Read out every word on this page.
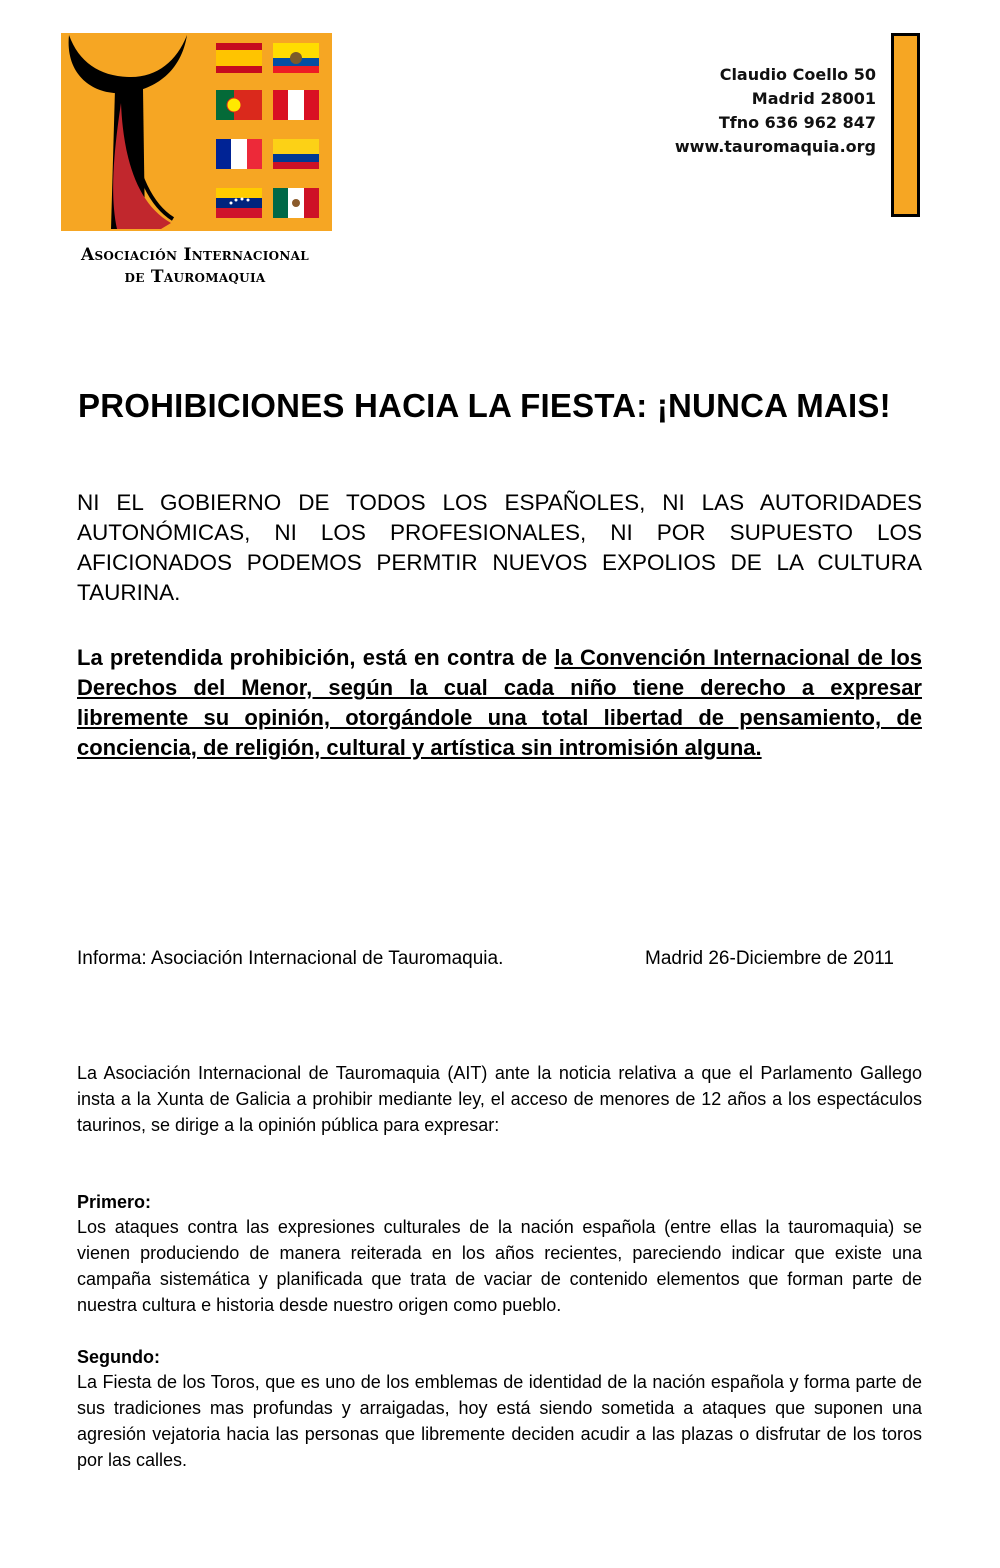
Asociación Internacional
de Tauromaquia
Claudio Coello 50
Madrid 28001
Tfno 636 962 847
www.tauromaquia.org
PROHIBICIONES HACIA LA FIESTA: ¡NUNCA MAIS!
NI EL GOBIERNO DE TODOS LOS ESPAÑOLES, NI LAS AUTORIDADES AUTONÓMICAS, NI LOS PROFESIONALES, NI POR SUPUESTO LOS AFICIONADOS PODEMOS PERMTIR NUEVOS EXPOLIOS DE LA CULTURA TAURINA.
La pretendida prohibición, está en contra de la Convención Internacional de los Derechos del Menor, según la cual cada niño tiene derecho a expresar libremente su opinión, otorgándole una total libertad de pensamiento, de conciencia, de religión, cultural y artística sin intromisión alguna.
Informa: Asociación Internacional de Tauromaquia.	Madrid 26-Diciembre de 2011
La Asociación Internacional de Tauromaquia (AIT) ante la noticia relativa a que el Parlamento Gallego insta a la Xunta de Galicia a prohibir mediante ley, el acceso de menores de 12 años a los espectáculos taurinos, se dirige a la opinión pública para expresar:
Primero:
Los ataques contra las expresiones culturales de la nación española (entre ellas la tauromaquia) se vienen produciendo de manera reiterada en los años recientes, pareciendo indicar que existe una campaña sistemática y planificada que trata de vaciar de contenido elementos que forman parte de nuestra cultura e historia desde nuestro origen como pueblo.
Segundo:
La Fiesta de los Toros, que es uno de los emblemas de identidad de la nación española y forma parte de sus tradiciones mas profundas y arraigadas, hoy está siendo sometida a ataques que suponen una agresión vejatoria hacia las personas que libremente deciden acudir a las plazas o disfrutar de los toros por las calles.
